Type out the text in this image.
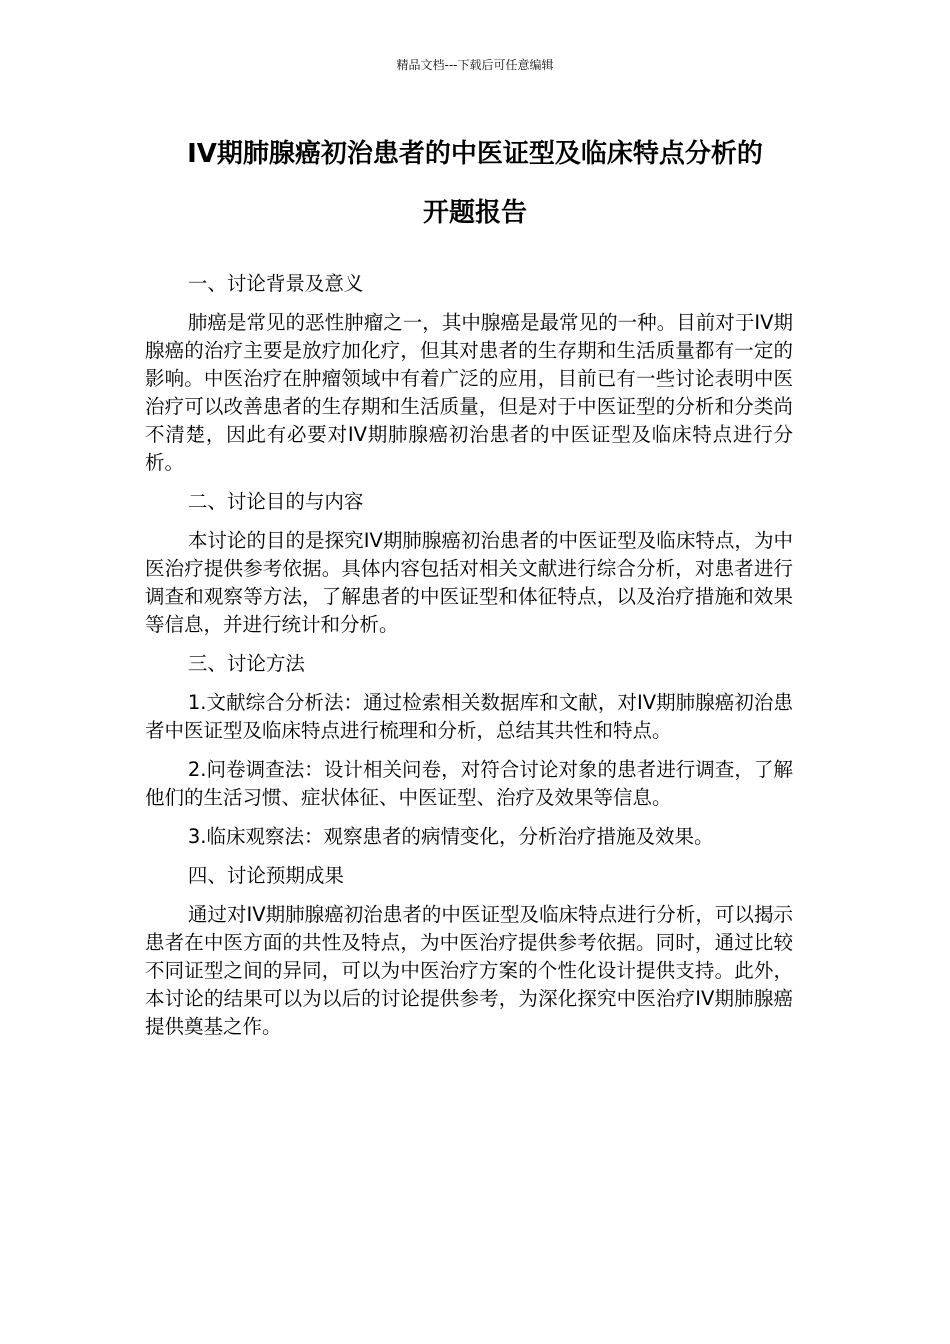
精品文档---下载后可任意编辑
IV期肺腺癌初治患者的中医证型及临床特点分析的
开题报告

一、讨论背景及意义

肺癌是常见的恶性肿瘤之一，其中腺癌是最常见的一种。目前对于IV期腺癌的治疗主要是放疗加化疗，但其对患者的生存期和生活质量都有一定的影响。中医治疗在肿瘤领域中有着广泛的应用，目前已有一些讨论表明中医治疗可以改善患者的生存期和生活质量，但是对于中医证型的分析和分类尚不清楚，因此有必要对IV期肺腺癌初治患者的中医证型及临床特点进行分析。

二、讨论目的与内容

本讨论的目的是探究IV期肺腺癌初治患者的中医证型及临床特点，为中医治疗提供参考依据。具体内容包括对相关文献进行综合分析，对患者进行调查和观察等方法，了解患者的中医证型和体征特点，以及治疗措施和效果等信息，并进行统计和分析。

三、讨论方法

1.文献综合分析法：通过检索相关数据库和文献，对IV期肺腺癌初治患者中医证型及临床特点进行梳理和分析，总结其共性和特点。

2.问卷调查法：设计相关问卷，对符合讨论对象的患者进行调查，了解他们的生活习惯、症状体征、中医证型、治疗及效果等信息。

3.临床观察法：观察患者的病情变化，分析治疗措施及效果。

四、讨论预期成果

通过对IV期肺腺癌初治患者的中医证型及临床特点进行分析，可以揭示患者在中医方面的共性及特点，为中医治疗提供参考依据。同时，通过比较不同证型之间的异同，可以为中医治疗方案的个性化设计提供支持。此外，本讨论的结果可以为以后的讨论提供参考，为深化探究中医治疗IV期肺腺癌提供奠基之作。
